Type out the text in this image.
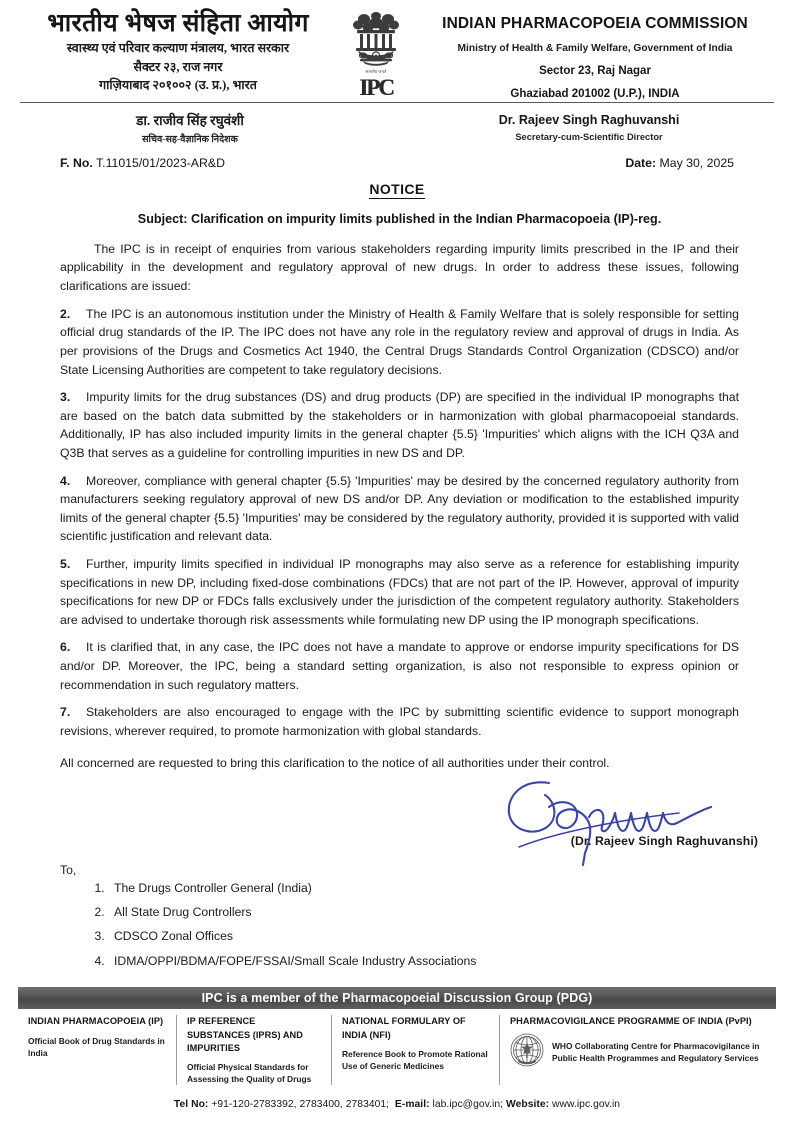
भारतीय भेषज संहिता आयोग
स्वास्थ्य एवं परिवार कल्याण मंत्रालय, भारत सरकार
सैक्टर २३, राज नगर
गाज़ियाबाद २०१००२ (उ. प्र.), भारत
सत्यमेव जयते
IPC
INDIAN PHARMACOPOEIA COMMISSION
Ministry of Health & Family Welfare, Government of India
Sector 23, Raj Nagar
Ghaziabad 201002 (U.P.), INDIA
डा. राजीव सिंह रघुवंशी
सचिव-सह-वैज्ञानिक निदेशक
Dr. Rajeev Singh Raghuvanshi
Secretary-cum-Scientific Director
F. No. T.11015/01/2023-AR&D	Date: May 30, 2025
NOTICE
Subject: Clarification on impurity limits published in the Indian Pharmacopoeia (IP)-reg.

The IPC is in receipt of enquiries from various stakeholders regarding impurity limits prescribed in the IP and their applicability in the development and regulatory approval of new drugs. In order to address these issues, following clarifications are issued:

2. The IPC is an autonomous institution under the Ministry of Health & Family Welfare that is solely responsible for setting official drug standards of the IP. The IPC does not have any role in the regulatory review and approval of drugs in India. As per provisions of the Drugs and Cosmetics Act 1940, the Central Drugs Standards Control Organization (CDSCO) and/or State Licensing Authorities are competent to take regulatory decisions.

3. Impurity limits for the drug substances (DS) and drug products (DP) are specified in the individual IP monographs that are based on the batch data submitted by the stakeholders or in harmonization with global pharmacopoeial standards. Additionally, IP has also included impurity limits in the general chapter {5.5} 'Impurities' which aligns with the ICH Q3A and Q3B that serves as a guideline for controlling impurities in new DS and DP.

4. Moreover, compliance with general chapter {5.5} 'Impurities' may be desired by the concerned regulatory authority from manufacturers seeking regulatory approval of new DS and/or DP. Any deviation or modification to the established impurity limits of the general chapter {5.5} 'Impurities' may be considered by the regulatory authority, provided it is supported with valid scientific justification and relevant data.

5. Further, impurity limits specified in individual IP monographs may also serve as a reference for establishing impurity specifications in new DP, including fixed-dose combinations (FDCs) that are not part of the IP. However, approval of impurity specifications for new DP or FDCs falls exclusively under the jurisdiction of the competent regulatory authority. Stakeholders are advised to undertake thorough risk assessments while formulating new DP using the IP monograph specifications.

6. It is clarified that, in any case, the IPC does not have a mandate to approve or endorse impurity specifications for DS and/or DP. Moreover, the IPC, being a standard setting organization, is also not responsible to express opinion or recommendation in such regulatory matters.

7. Stakeholders are also encouraged to engage with the IPC by submitting scientific evidence to support monograph revisions, wherever required, to promote harmonization with global standards.

All concerned are requested to bring this clarification to the notice of all authorities under their control.

(Dr. Rajeev Singh Raghuvanshi)
To,
1. The Drugs Controller General (India)
2. All State Drug Controllers
3. CDSCO Zonal Offices
4. IDMA/OPPI/BDMA/FOPE/FSSAI/Small Scale Industry Associations
IPC is a member of the Pharmacopoeial Discussion Group (PDG)
INDIAN PHARMACOPOEIA (IP)
Official Book of Drug Standards in India
IP REFERENCE SUBSTANCES (IPRS) AND IMPURITIES
Official Physical Standards for Assessing the Quality of Drugs
NATIONAL FORMULARY OF INDIA (NFI)
Reference Book to Promote Rational Use of Generic Medicines
PHARMACOVIGILANCE PROGRAMME OF INDIA (PvPI)
WHO Collaborating Centre for Pharmacovigilance in Public Health Programmes and Regulatory Services
Tel No: +91-120-2783392, 2783400, 2783401; E-mail: lab.ipc@gov.in; Website: www.ipc.gov.in
